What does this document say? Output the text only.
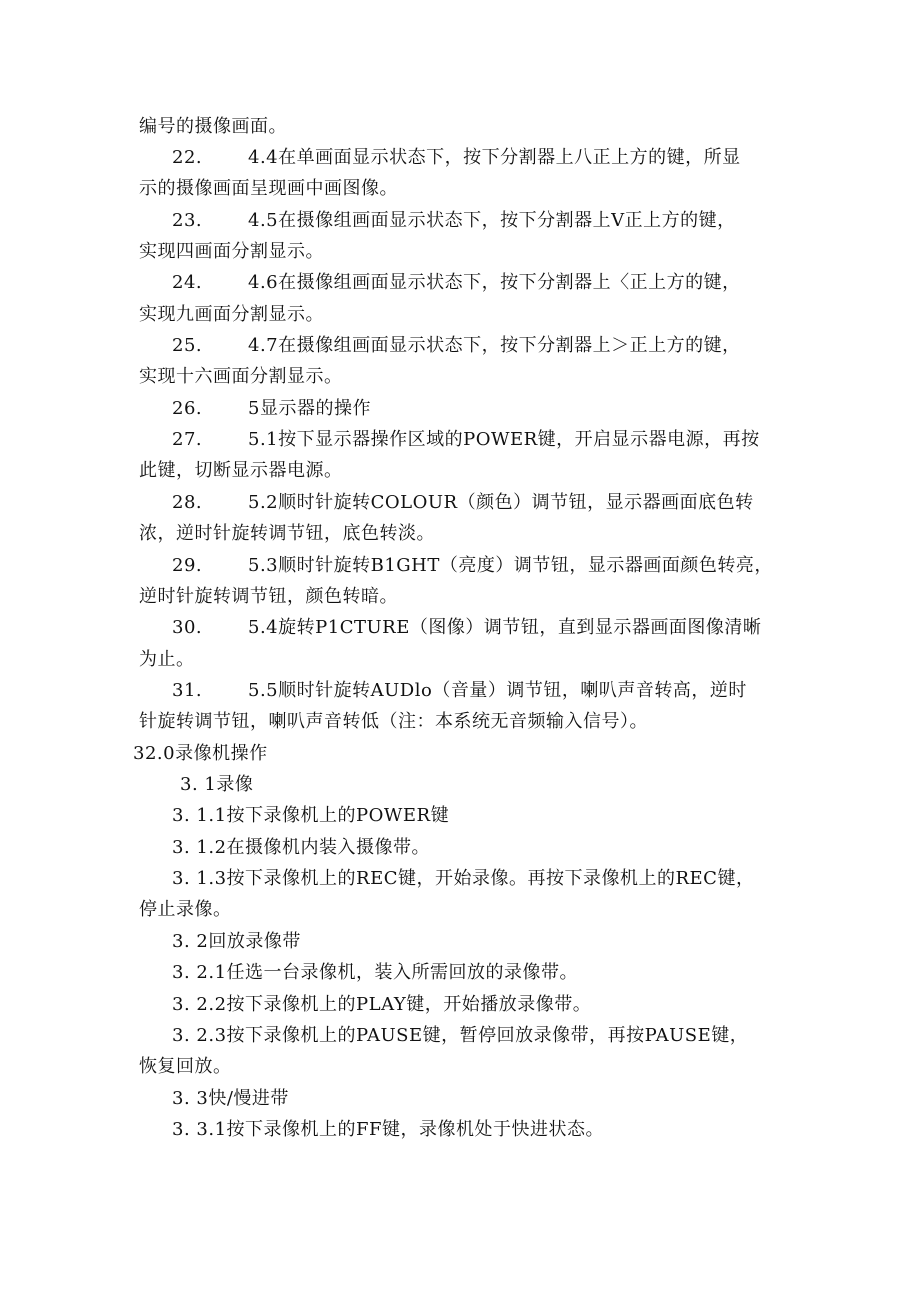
编号的摄像画面。
22.	4.4在单画面显示状态下，按下分割器上八正上方的键，所显
示的摄像画面呈现画中画图像。
23.	4.5在摄像组画面显示状态下，按下分割器上V正上方的键，
实现四画面分割显示。
24.	4.6在摄像组画面显示状态下，按下分割器上〈正上方的键，
实现九画面分割显示。
25.	4.7在摄像组画面显示状态下，按下分割器上＞正上方的键，
实现十六画面分割显示。
26.	5显示器的操作
27.	5.1按下显示器操作区域的POWER键，开启显示器电源，再按
此键，切断显示器电源。
28.	5.2顺时针旋转COLOUR（颜色）调节钮，显示器画面底色转
浓，逆时针旋转调节钮，底色转淡。
29.	5.3顺时针旋转B1GHT（亮度）调节钮，显示器画面颜色转亮，
逆时针旋转调节钮，颜色转暗。
30.	5.4旋转P1CTURE（图像）调节钮，直到显示器画面图像清晰
为止。
31.	5.5顺时针旋转AUDlo（音量）调节钮，喇叭声音转高，逆时
针旋转调节钮，喇叭声音转低（注：本系统无音频输入信号）。
32.0录像机操作
3. 1录像
3. 1.1按下录像机上的POWER键
3. 1.2在摄像机内装入摄像带。
3. 1.3按下录像机上的REC键，开始录像。再按下录像机上的REC键，
停止录像。
3. 2回放录像带
3. 2.1任选一台录像机，装入所需回放的录像带。
3. 2.2按下录像机上的PLAY键，开始播放录像带。
3. 2.3按下录像机上的PAUSE键，暂停回放录像带，再按PAUSE键，
恢复回放。
3. 3快/慢进带
3. 3.1按下录像机上的FF键，录像机处于快进状态。
